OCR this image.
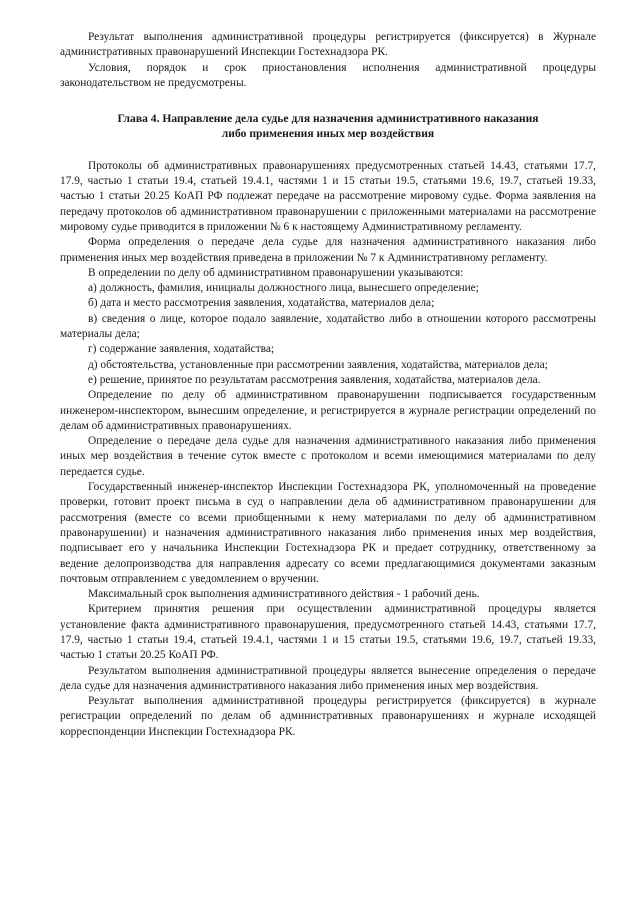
Результат выполнения административной процедуры регистрируется (фиксируется) в Журнале административных правонарушений Инспекции Гостехнадзора РК.

Условия, порядок и срок приостановления исполнения административной процедуры законодательством не предусмотрены.

Глава 4. Направление дела судье для назначения административного наказания
либо применения иных мер воздействия

Протоколы об административных правонарушениях предусмотренных статьей 14.43, статьями 17.7, 17.9, частью 1 статьи 19.4, статьей 19.4.1, частями 1 и 15 статьи 19.5, статьями 19.6, 19.7, статьей 19.33, частью 1 статьи 20.25 КоАП РФ подлежат передаче на рассмотрение мировому судье. Форма заявления на передачу протоколов об административном правонарушении с приложенными материалами на рассмотрение мировому судье приводится в приложении № 6 к настоящему Административному регламенту.

Форма определения о передаче дела судье для назначения административного наказания либо применения иных мер воздействия приведена в приложении № 7 к Административному регламенту.

В определении по делу об административном правонарушении указываются:

а) должность, фамилия, инициалы должностного лица, вынесшего определение;

б) дата и место рассмотрения заявления, ходатайства, материалов дела;

в) сведения о лице, которое подало заявление, ходатайство либо в отношении которого рассмотрены материалы дела;

г) содержание заявления, ходатайства;

д) обстоятельства, установленные при рассмотрении заявления, ходатайства, материалов дела;

е) решение, принятое по результатам рассмотрения заявления, ходатайства, материалов дела.

Определение по делу об административном правонарушении подписывается государственным инженером-инспектором, вынесшим определение, и регистрируется в журнале регистрации определений по делам об административных правонарушениях.

Определение о передаче дела судье для назначения административного наказания либо применения иных мер воздействия в течение суток вместе с протоколом и всеми имеющимися материалами по делу передается судье.

Государственный инженер-инспектор Инспекции Гостехнадзора РК, уполномоченный на проведение проверки, готовит проект письма в суд о направлении дела об административном правонарушении для рассмотрения (вместе со всеми приобщенными к нему материалами по делу об административном правонарушении) и назначения административного наказания либо применения иных мер воздействия, подписывает его у начальника Инспекции Гостехнадзора РК и предает сотруднику, ответственному за ведение делопроизводства для направления адресату со всеми предлагающимися документами заказным почтовым отправлением с уведомлением о вручении.

Максимальный срок выполнения административного действия - 1 рабочий день.

Критерием принятия решения при осуществлении административной процедуры является установление факта административного правонарушения, предусмотренного статьей 14.43, статьями 17.7, 17.9, частью 1 статьи 19.4, статьей 19.4.1, частями 1 и 15 статьи 19.5, статьями 19.6, 19.7, статьей 19.33, частью 1 статьи 20.25 КоАП РФ.

Результатом выполнения административной процедуры является вынесение определения о передаче дела судье для назначения административного наказания либо применения иных мер воздействия.

Результат выполнения административной процедуры регистрируется (фиксируется) в журнале регистрации определений по делам об административных правонарушениях и журнале исходящей корреспонденции Инспекции Гостехнадзора РК.
